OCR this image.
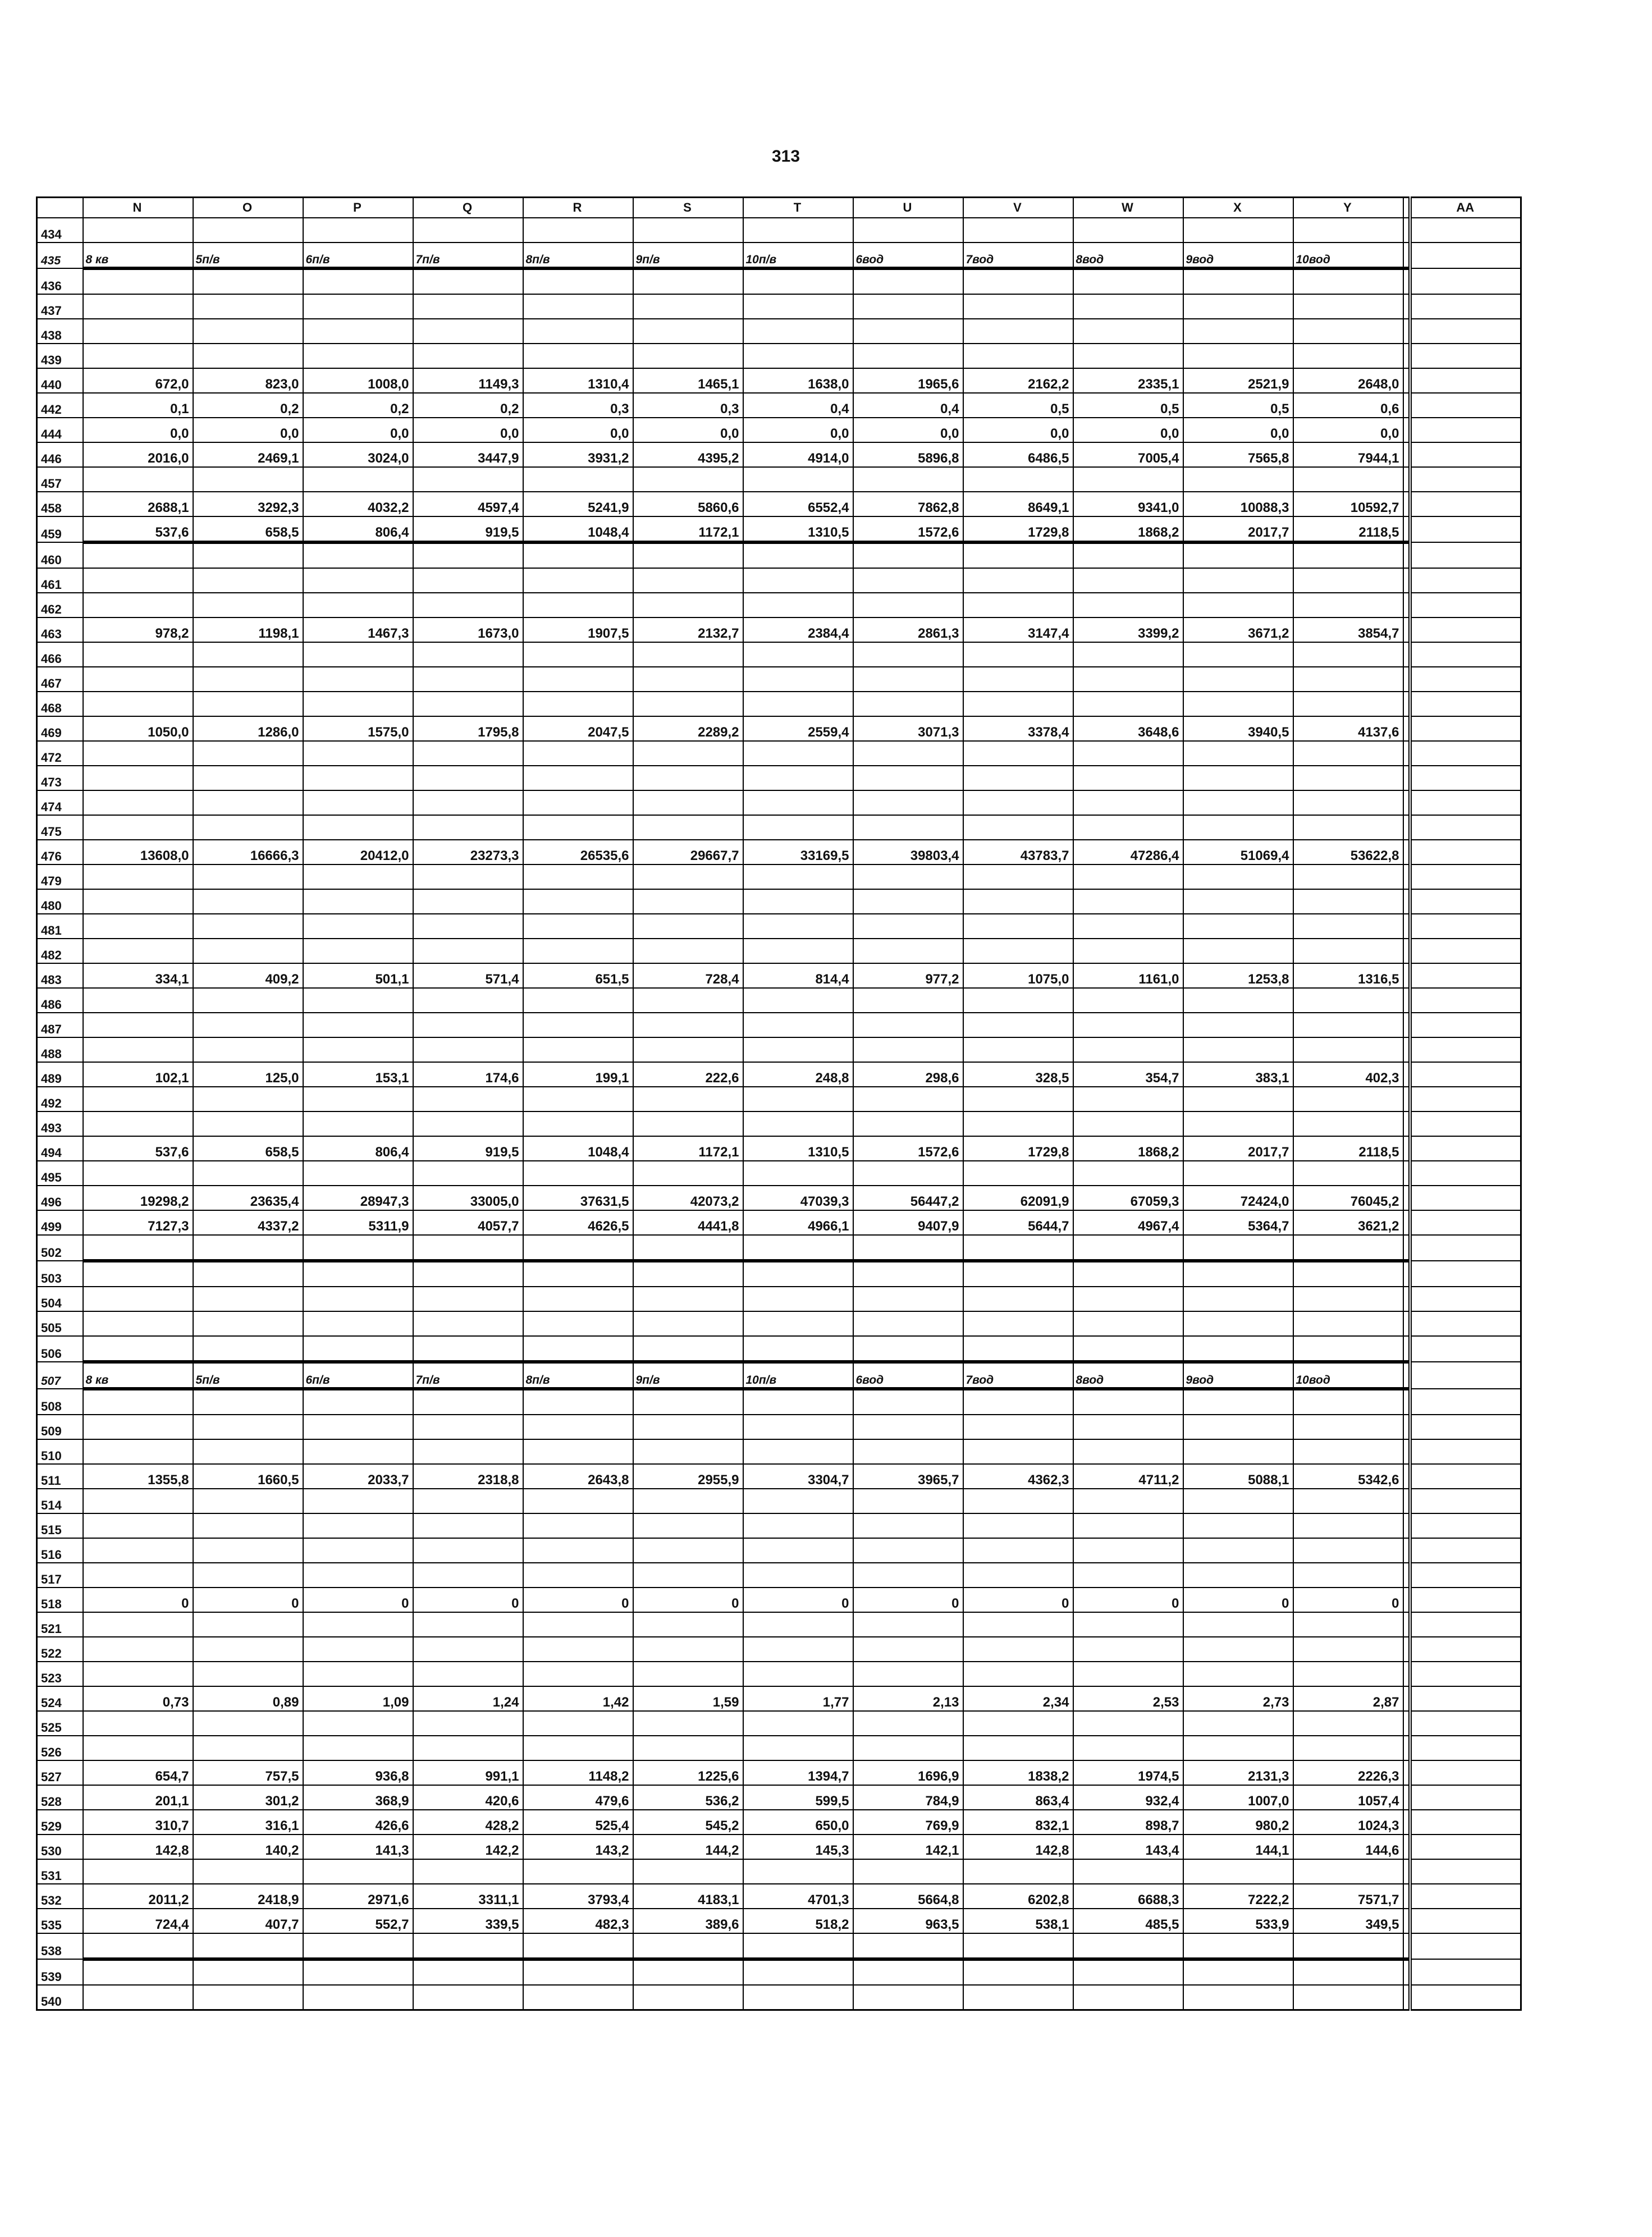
313
	N	O	P	Q	R	S	T	U	V	W	X	Y		AA
434														
435	8 кв	5п/в	6п/в	7п/в	8п/в	9п/в	10п/в	6вод	7вод	8вод	9вод	10вод		
436														
437														
438														
439														
440	672,0	823,0	1008,0	1149,3	1310,4	1465,1	1638,0	1965,6	2162,2	2335,1	2521,9	2648,0		
442	0,1	0,2	0,2	0,2	0,3	0,3	0,4	0,4	0,5	0,5	0,5	0,6		
444	0,0	0,0	0,0	0,0	0,0	0,0	0,0	0,0	0,0	0,0	0,0	0,0		
446	2016,0	2469,1	3024,0	3447,9	3931,2	4395,2	4914,0	5896,8	6486,5	7005,4	7565,8	7944,1		
457														
458	2688,1	3292,3	4032,2	4597,4	5241,9	5860,6	6552,4	7862,8	8649,1	9341,0	10088,3	10592,7		
459	537,6	658,5	806,4	919,5	1048,4	1172,1	1310,5	1572,6	1729,8	1868,2	2017,7	2118,5		
460														
461														
462														
463	978,2	1198,1	1467,3	1673,0	1907,5	2132,7	2384,4	2861,3	3147,4	3399,2	3671,2	3854,7		
466														
467														
468														
469	1050,0	1286,0	1575,0	1795,8	2047,5	2289,2	2559,4	3071,3	3378,4	3648,6	3940,5	4137,6		
472														
473														
474														
475														
476	13608,0	16666,3	20412,0	23273,3	26535,6	29667,7	33169,5	39803,4	43783,7	47286,4	51069,4	53622,8		
479														
480														
481														
482														
483	334,1	409,2	501,1	571,4	651,5	728,4	814,4	977,2	1075,0	1161,0	1253,8	1316,5		
486														
487														
488														
489	102,1	125,0	153,1	174,6	199,1	222,6	248,8	298,6	328,5	354,7	383,1	402,3		
492														
493														
494	537,6	658,5	806,4	919,5	1048,4	1172,1	1310,5	1572,6	1729,8	1868,2	2017,7	2118,5		
495														
496	19298,2	23635,4	28947,3	33005,0	37631,5	42073,2	47039,3	56447,2	62091,9	67059,3	72424,0	76045,2		
499	7127,3	4337,2	5311,9	4057,7	4626,5	4441,8	4966,1	9407,9	5644,7	4967,4	5364,7	3621,2		
502														
503														
504														
505														
506														
507	8 кв	5п/в	6п/в	7п/в	8п/в	9п/в	10п/в	6вод	7вод	8вод	9вод	10вод		
508														
509														
510														
511	1355,8	1660,5	2033,7	2318,8	2643,8	2955,9	3304,7	3965,7	4362,3	4711,2	5088,1	5342,6		
514														
515														
516														
517														
518	0	0	0	0	0	0	0	0	0	0	0	0		
521														
522														
523														
524	0,73	0,89	1,09	1,24	1,42	1,59	1,77	2,13	2,34	2,53	2,73	2,87		
525														
526														
527	654,7	757,5	936,8	991,1	1148,2	1225,6	1394,7	1696,9	1838,2	1974,5	2131,3	2226,3		
528	201,1	301,2	368,9	420,6	479,6	536,2	599,5	784,9	863,4	932,4	1007,0	1057,4		
529	310,7	316,1	426,6	428,2	525,4	545,2	650,0	769,9	832,1	898,7	980,2	1024,3		
530	142,8	140,2	141,3	142,2	143,2	144,2	145,3	142,1	142,8	143,4	144,1	144,6		
531														
532	2011,2	2418,9	2971,6	3311,1	3793,4	4183,1	4701,3	5664,8	6202,8	6688,3	7222,2	7571,7		
535	724,4	407,7	552,7	339,5	482,3	389,6	518,2	963,5	538,1	485,5	533,9	349,5		
538														
539														
540														
